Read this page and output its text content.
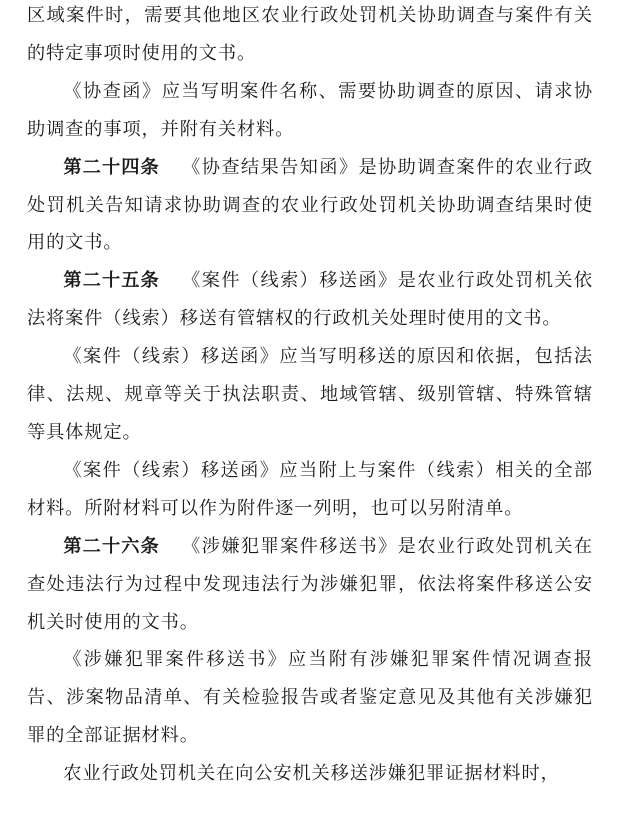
区域案件时，需要其他地区农业行政处罚机关协助调查与案件有关的特定事项时使用的文书。

《协查函》应当写明案件名称、需要协助调查的原因、请求协助调查的事项，并附有关材料。

第二十四条 《协查结果告知函》是协助调查案件的农业行政处罚机关告知请求协助调查的农业行政处罚机关协助调查结果时使用的文书。

第二十五条 《案件（线索）移送函》是农业行政处罚机关依法将案件（线索）移送有管辖权的行政机关处理时使用的文书。

《案件（线索）移送函》应当写明移送的原因和依据，包括法律、法规、规章等关于执法职责、地域管辖、级别管辖、特殊管辖等具体规定。

《案件（线索）移送函》应当附上与案件（线索）相关的全部材料。所附材料可以作为附件逐一列明，也可以另附清单。

第二十六条 《涉嫌犯罪案件移送书》是农业行政处罚机关在查处违法行为过程中发现违法行为涉嫌犯罪，依法将案件移送公安机关时使用的文书。

《涉嫌犯罪案件移送书》应当附有涉嫌犯罪案件情况调查报告、涉案物品清单、有关检验报告或者鉴定意见及其他有关涉嫌犯罪的全部证据材料。

农业行政处罚机关在向公安机关移送涉嫌犯罪证据材料时，
